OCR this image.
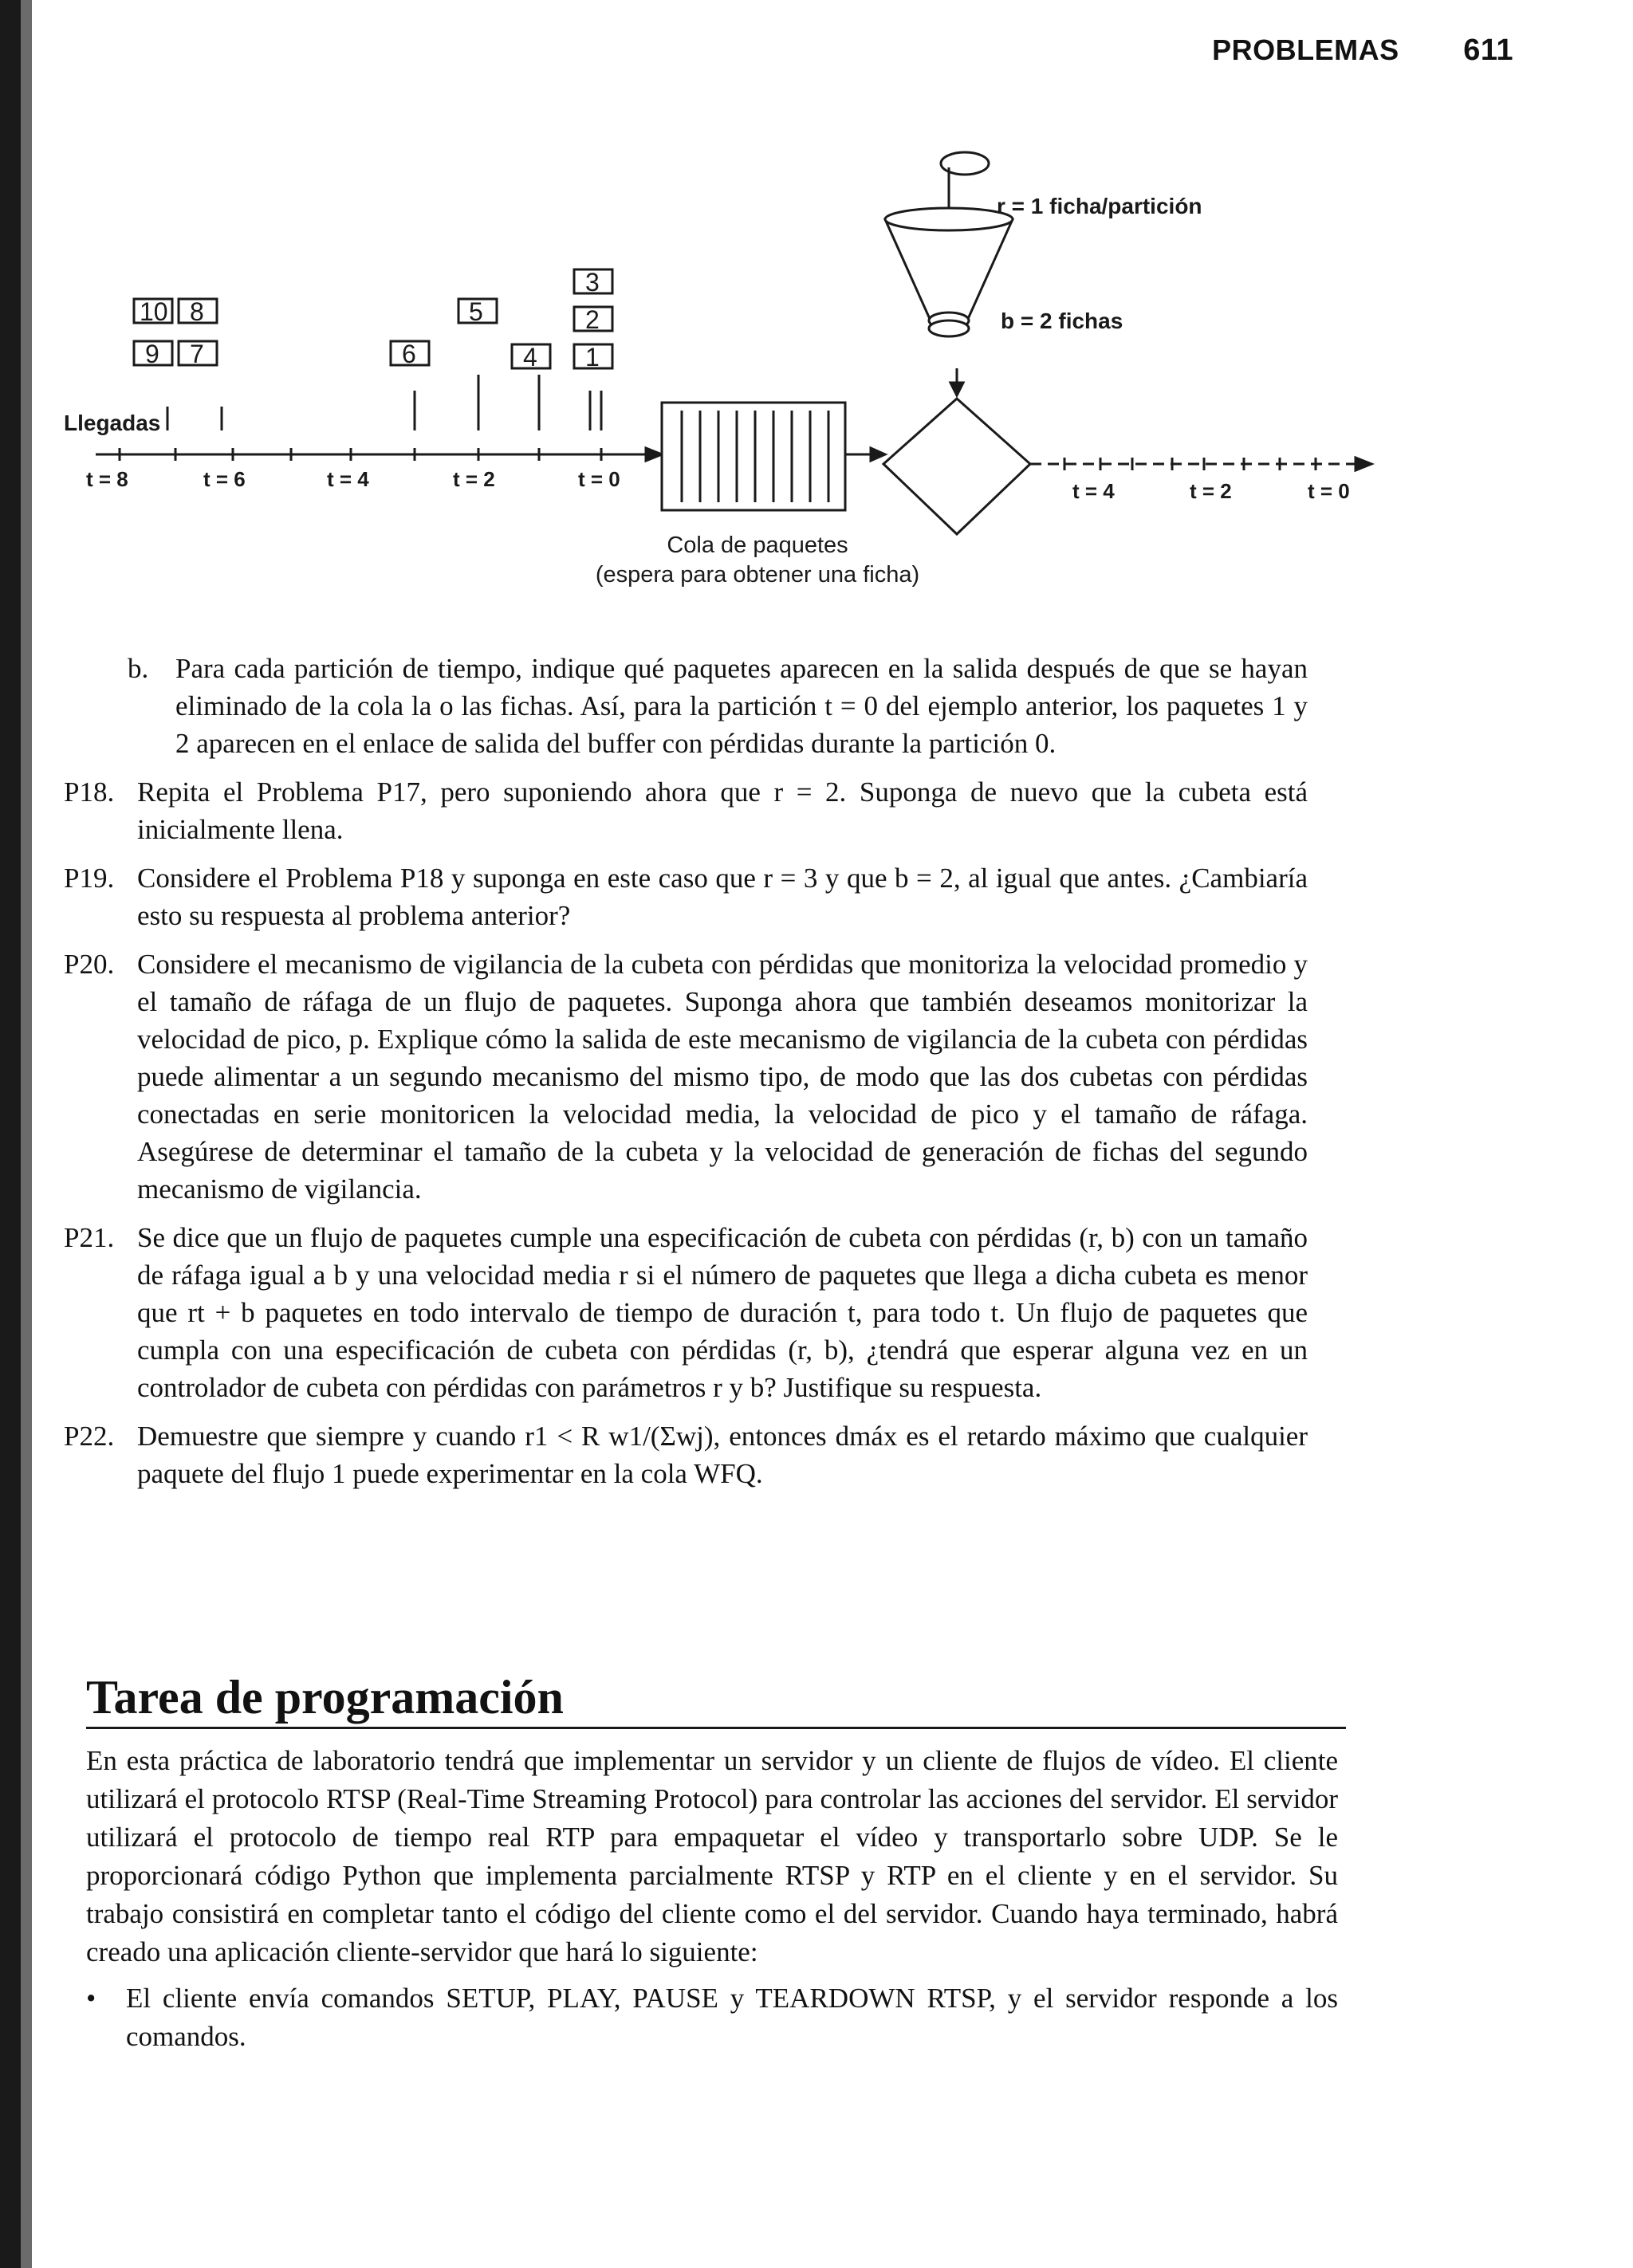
PROBLEMAS 611
r = 1 ficha/partición
b = 2 fichas
Llegadas
10
9
8
7	6
5
4
3
2
1
t = 8	t = 6	t = 4	t = 2	t = 0	t = 4	t = 2	t = 0
Cola de paquetes
(espera para obtener una ficha)
b. Para cada partición de tiempo, indique qué paquetes aparecen en la salida después de que se hayan eliminado de la cola la o las fichas. Así, para la partición t = 0 del ejemplo anterior, los paquetes 1 y 2 aparecen en el enlace de salida del buffer con pérdidas durante la partición 0.
P18. Repita el Problema P17, pero suponiendo ahora que r = 2. Suponga de nuevo que la cubeta está inicialmente llena.
P19. Considere el Problema P18 y suponga en este caso que r = 3 y que b = 2, al igual que antes. ¿Cambiaría esto su respuesta al problema anterior?
P20. Considere el mecanismo de vigilancia de la cubeta con pérdidas que monitoriza la velocidad promedio y el tamaño de ráfaga de un flujo de paquetes. Suponga ahora que también deseamos monitorizar la velocidad de pico, p. Explique cómo la salida de este mecanismo de vigilancia de la cubeta con pérdidas puede alimentar a un segundo mecanismo del mismo tipo, de modo que las dos cubetas con pérdidas conectadas en serie monitoricen la velocidad media, la velocidad de pico y el tamaño de ráfaga. Asegúrese de determinar el tamaño de la cubeta y la velocidad de generación de fichas del segundo mecanismo de vigilancia.
P21. Se dice que un flujo de paquetes cumple una especificación de cubeta con pérdidas (r, b) con un tamaño de ráfaga igual a b y una velocidad media r si el número de paquetes que llega a dicha cubeta es menor que rt + b paquetes en todo intervalo de tiempo de duración t, para todo t. Un flujo de paquetes que cumpla con una especificación de cubeta con pérdidas (r, b), ¿tendrá que esperar alguna vez en un controlador de cubeta con pérdidas con parámetros r y b? Justifique su respuesta.
P22. Demuestre que siempre y cuando r1 < R w1/(Σwj), entonces dmáx es el retardo máximo que cualquier paquete del flujo 1 puede experimentar en la cola WFQ.
Tarea de programación
En esta práctica de laboratorio tendrá que implementar un servidor y un cliente de flujos de vídeo. El cliente utilizará el protocolo RTSP (Real-Time Streaming Protocol) para controlar las acciones del servidor. El servidor utilizará el protocolo de tiempo real RTP para empaquetar el vídeo y transportarlo sobre UDP. Se le proporcionará código Python que implementa parcialmente RTSP y RTP en el cliente y en el servidor. Su trabajo consistirá en completar tanto el código del cliente como el del servidor. Cuando haya terminado, habrá creado una aplicación cliente-servidor que hará lo siguiente:
•	El cliente envía comandos SETUP, PLAY, PAUSE y TEARDOWN RTSP, y el servidor responde a los comandos.
